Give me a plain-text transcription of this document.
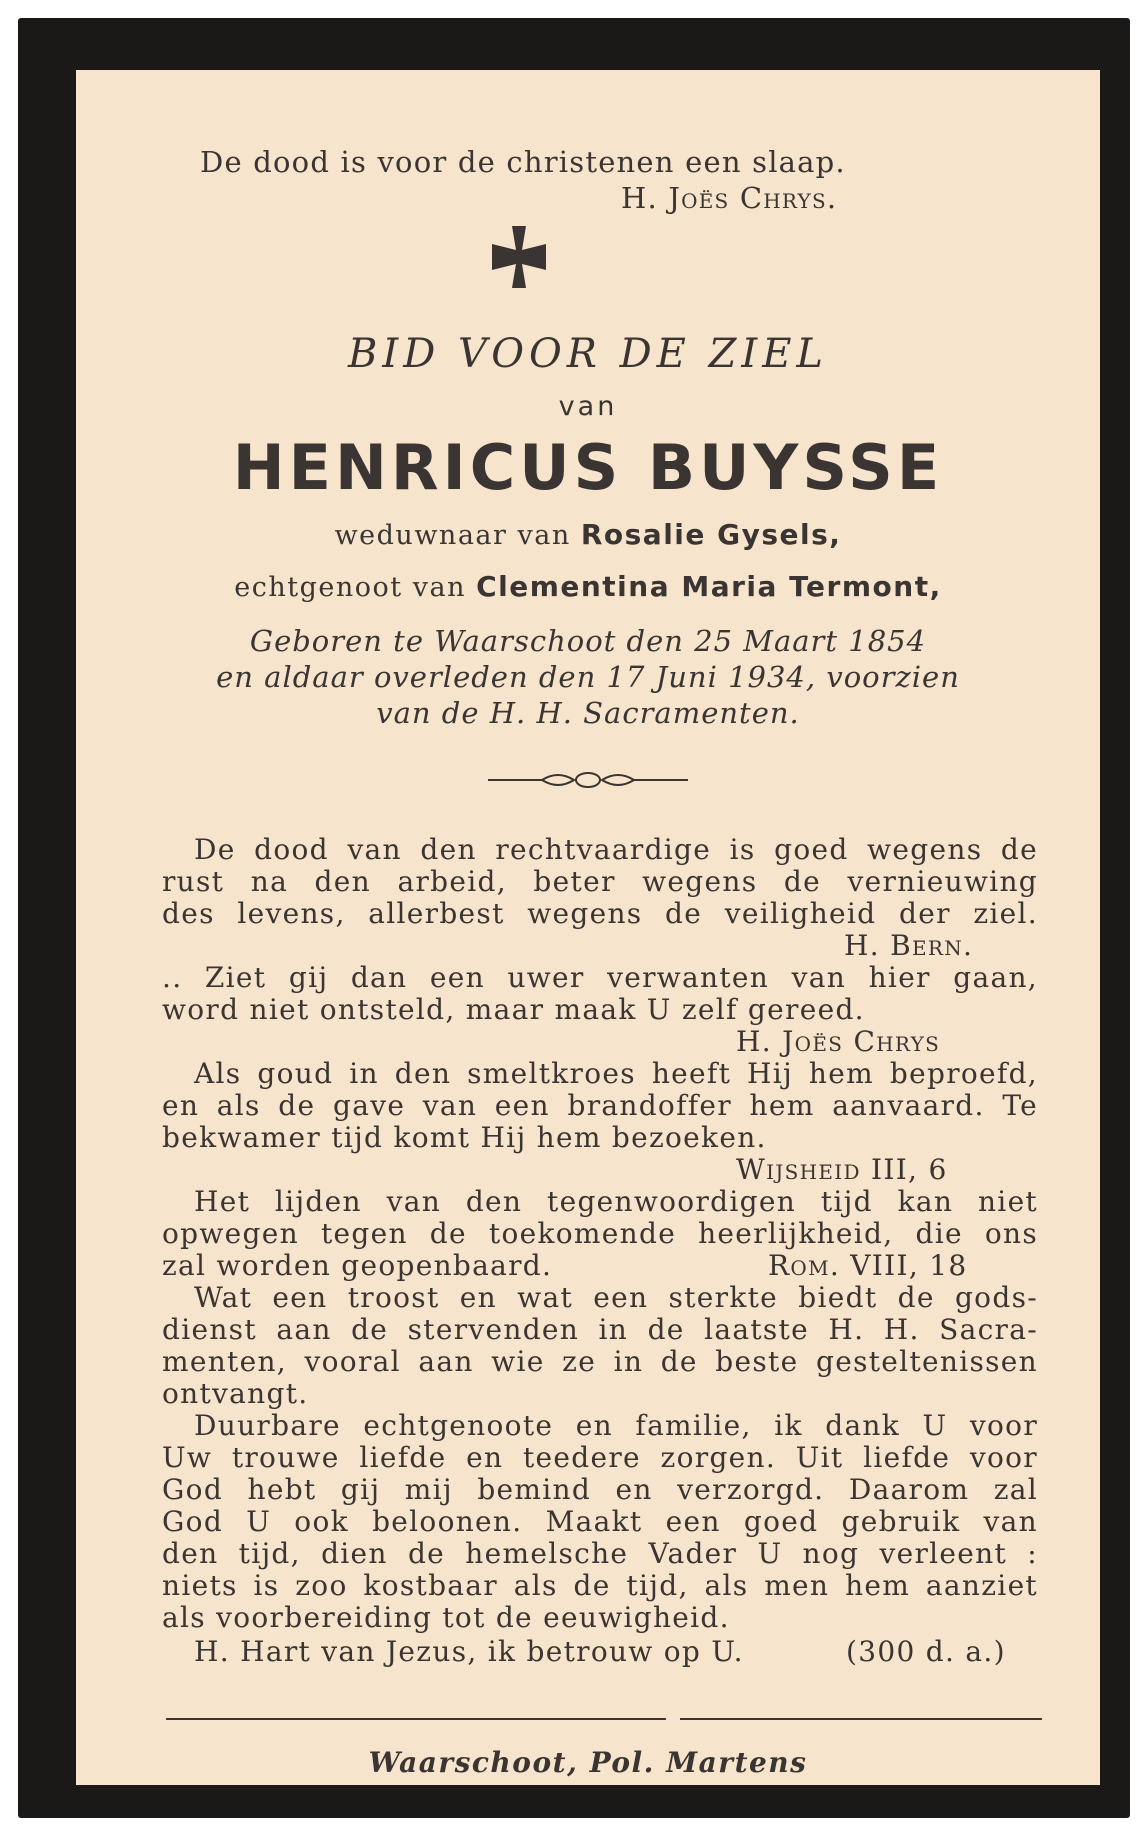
De dood is voor de christenen een slaap.
H. Joës Chrys.
BID VOOR DE ZIEL
van
HENRICUS BUYSSE
weduwnaar van Rosalie Gysels,
echtgenoot van Clementina Maria Termont,
Geboren te Waarschoot den 25 Maart 1854
en aldaar overleden den 17 Juni 1934, voorzien
van de H. H. Sacramenten.
De dood van den rechtvaardige is goed wegens de
rust na den arbeid, beter wegens de vernieuwing
des levens, allerbest wegens de veiligheid der ziel.
H. Bern.
.. Ziet gij dan een uwer verwanten van hier gaan,
word niet ontsteld, maar maak U zelf gereed.
H. Joës Chrys
Als goud in den smeltkroes heeft Hij hem beproefd,
en als de gave van een brandoffer hem aanvaard. Te
bekwamer tijd komt Hij hem bezoeken.
Wijsheid III, 6
Het lijden van den tegenwoordigen tijd kan niet
opwegen tegen de toekomende heerlijkheid, die ons
zal worden geopenbaard.	Rom. VIII, 18
Wat een troost en wat een sterkte biedt de gods-
dienst aan de stervenden in de laatste H. H. Sacra-
menten, vooral aan wie ze in de beste gesteltenissen
ontvangt.
Duurbare echtgenoote en familie, ik dank U voor
Uw trouwe liefde en teedere zorgen. Uit liefde voor
God hebt gij mij bemind en verzorgd. Daarom zal
God U ook beloonen. Maakt een goed gebruik van
den tijd, dien de hemelsche Vader U nog verleent :
niets is zoo kostbaar als de tijd, als men hem aanziet
als voorbereiding tot de eeuwigheid.
H. Hart van Jezus, ik betrouw op U.	(300 d. a.)
Waarschoot, Pol. Martens
